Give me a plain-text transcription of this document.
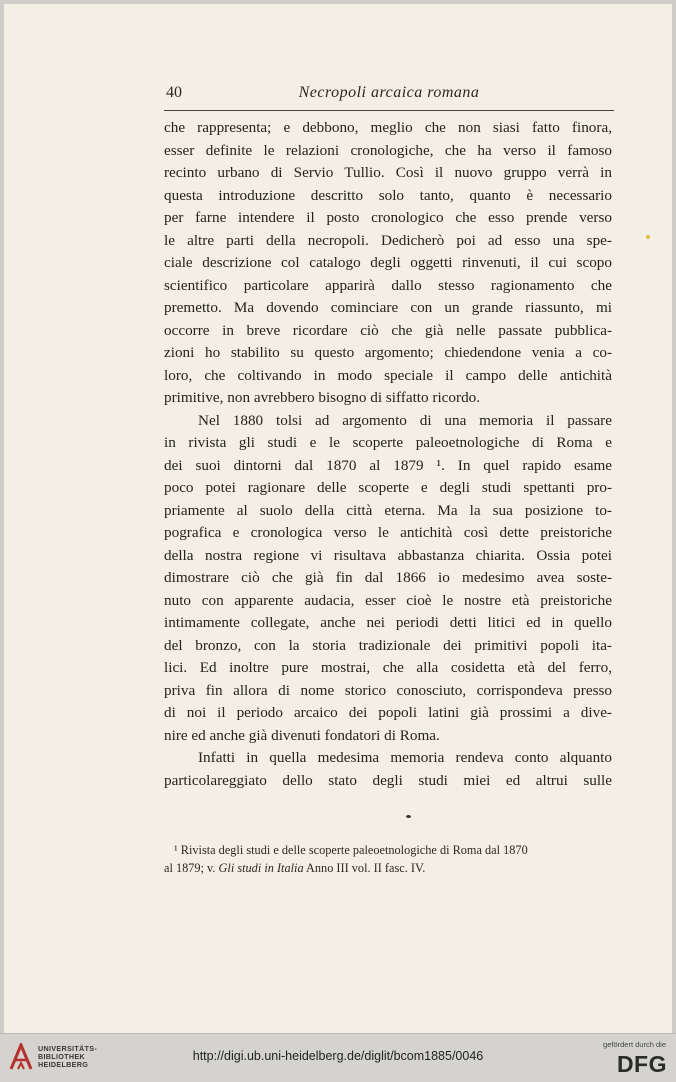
40	Necropoli arcaica romana
che rappresenta; e debbono, meglio che non siasi fatto finora,
esser definite le relazioni cronologiche, che ha verso il famoso
recinto urbano di Servio Tullio. Così il nuovo gruppo verrà in
questa introduzione descritto solo tanto, quanto è necessario
per farne intendere il posto cronologico che esso prende verso
le altre parti della necropoli. Dedicherò poi ad esso una spe-
ciale descrizione col catalogo degli oggetti rinvenuti, il cui scopo
scientifico particolare apparirà dallo stesso ragionamento che
premetto. Ma dovendo cominciare con un grande riassunto, mi
occorre in breve ricordare ciò che già nelle passate pubblica-
zioni ho stabilito su questo argomento; chiedendone venia a co-
loro, che coltivando in modo speciale il campo delle antichità
primitive, non avrebbero bisogno di siffatto ricordo.
Nel 1880 tolsi ad argomento di una memoria il passare
in rivista gli studi e le scoperte paleoetnologiche di Roma e
dei suoi dintorni dal 1870 al 1879 ¹. In quel rapido esame
poco potei ragionare delle scoperte e degli studi spettanti pro-
priamente al suolo della città eterna. Ma la sua posizione to-
pografica e cronologica verso le antichità così dette preistoriche
della nostra regione vi risultava abbastanza chiarita. Ossia potei
dimostrare ciò che già fin dal 1866 io medesimo avea soste-
nuto con apparente audacia, esser cioè le nostre età preistoriche
intimamente collegate, anche nei periodi detti litici ed in quello
del bronzo, con la storia tradizionale dei primitivi popoli ita-
lici. Ed inoltre pure mostrai, che alla cosidetta età del ferro,
priva fin allora di nome storico conosciuto, corrispondeva presso
di noi il periodo arcaico dei popoli latini già prossimi a dive-
nire ed anche già divenuti fondatori di Roma.
Infatti in quella medesima memoria rendeva conto alquanto
particolareggiato dello stato degli studi miei ed altrui sulle
¹ Rivista degli studi e delle scoperte paleoetnologiche di Roma dal 1870
al 1879; v. Gli studi in Italia Anno III vol. II fasc. IV.
UNIVERSITÄTS-
BIBLIOTHEK
HEIDELBERG
http://digi.ub.uni-heidelberg.de/diglit/bcom1885/0046
gefördert durch die
DFG
